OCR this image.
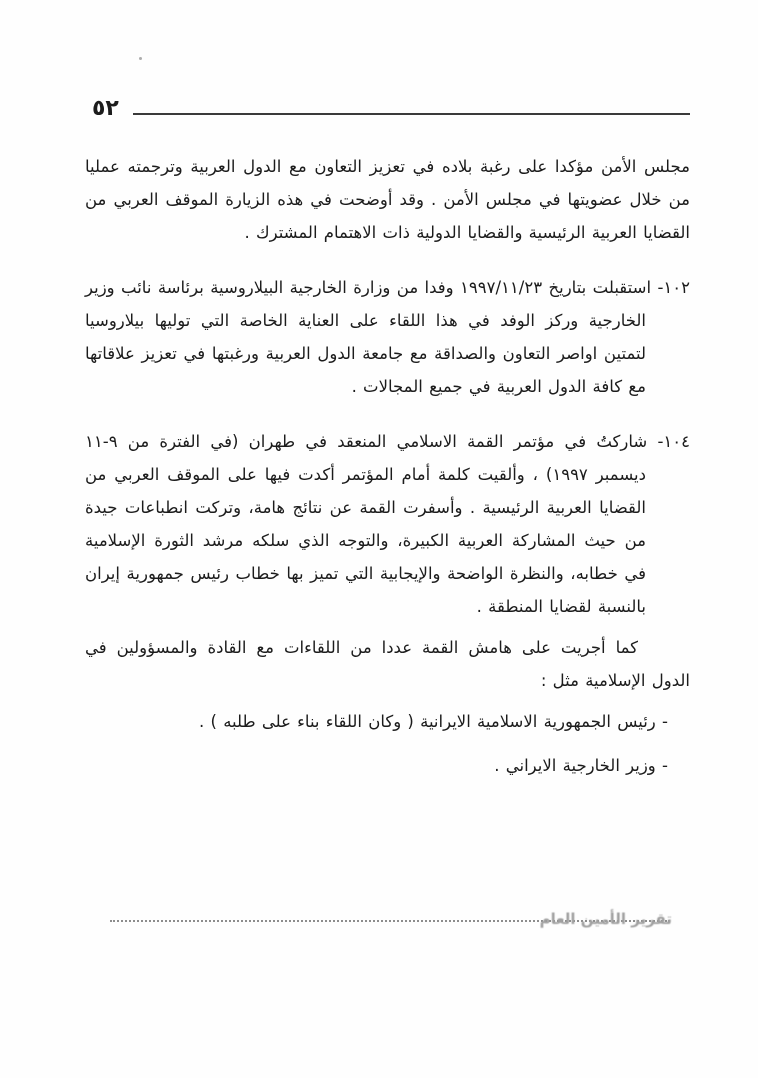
٥٢

مجلس الأمن مؤكدا على رغبة بلاده في تعزيز التعاون مع الدول العربية وترجمته عمليا من خلال عضويتها في مجلس الأمن . وقد أوضحت في هذه الزيارة الموقف العربي من القضايا العربية الرئيسية والقضايا الدولية ذات الاهتمام المشترك .

١٠٢- استقبلت بتاريخ ١٩٩٧/١١/٢٣ وفدا من وزارة الخارجية البيلاروسية برئاسة نائب وزير الخارجية وركز الوفد في هذا اللقاء على العناية الخاصة التي توليها بيلاروسيا لتمتين اواصر التعاون والصداقة مع جامعة الدول العربية ورغبتها في تعزيز علاقاتها مع كافة الدول العربية في جميع المجالات .

١٠٤- شاركتُ في مؤتمر القمة الاسلامي المنعقد في طهران (في الفترة من ٩-١١ ديسمبر ١٩٩٧) ، وألقيت كلمة أمام المؤتمر أكدت فيها على الموقف العربي من القضايا العربية الرئيسية . وأسفرت القمة عن نتائج هامة، وتركت انطباعات جيدة من حيث المشاركة العربية الكبيرة، والتوجه الذي سلكه مرشد الثورة الإسلامية في خطابه، والنظرة الواضحة والإيجابية التي تميز بها خطاب رئيس جمهورية إيران بالنسبة لقضايا المنطقة .

كما أجريت على هامش القمة عددا من اللقاءات مع القادة والمسؤولين في الدول الإسلامية مثل :

- رئيس الجمهورية الاسلامية الايرانية ( وكان اللقاء بناء على طلبه ) .

- وزير الخارجية الايراني .

تقرير الأمين العام
